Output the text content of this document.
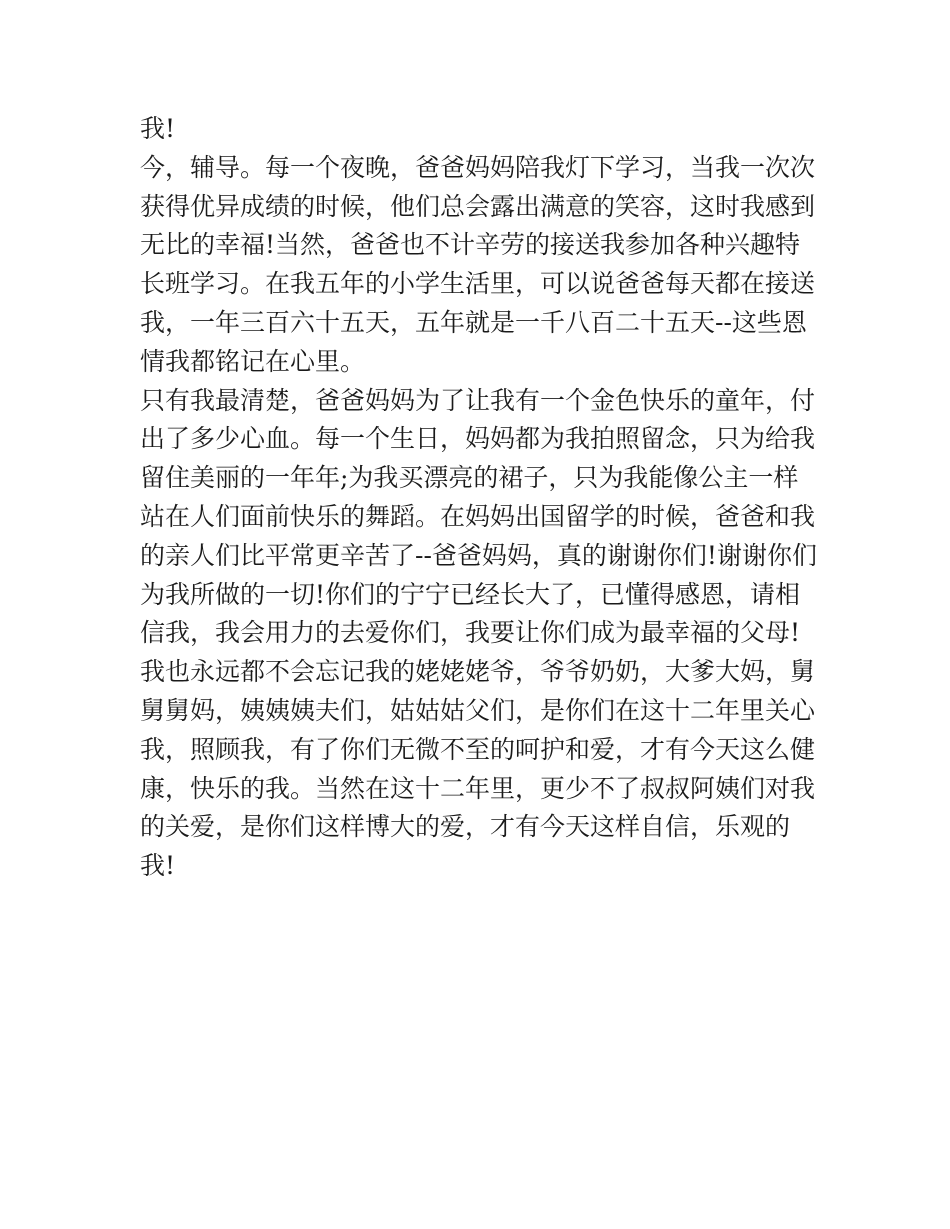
我!
今，辅导。每一个夜晚，爸爸妈妈陪我灯下学习，当我一次次
获得优异成绩的时候，他们总会露出满意的笑容，这时我感到
无比的幸福!当然，爸爸也不计辛劳的接送我参加各种兴趣特
长班学习。在我五年的小学生活里，可以说爸爸每天都在接送
我，一年三百六十五天，五年就是一千八百二十五天--这些恩
情我都铭记在心里。
只有我最清楚，爸爸妈妈为了让我有一个金色快乐的童年，付
出了多少心血。每一个生日，妈妈都为我拍照留念，只为给我
留住美丽的一年年;为我买漂亮的裙子，只为我能像公主一样
站在人们面前快乐的舞蹈。在妈妈出国留学的时候，爸爸和我
的亲人们比平常更辛苦了--爸爸妈妈，真的谢谢你们!谢谢你们
为我所做的一切!你们的宁宁已经长大了，已懂得感恩，请相
信我，我会用力的去爱你们，我要让你们成为最幸福的父母!
我也永远都不会忘记我的姥姥姥爷，爷爷奶奶，大爹大妈，舅
舅舅妈，姨姨姨夫们，姑姑姑父们，是你们在这十二年里关心
我，照顾我，有了你们无微不至的呵护和爱，才有今天这么健
康，快乐的我。当然在这十二年里，更少不了叔叔阿姨们对我
的关爱，是你们这样博大的爱，才有今天这样自信，乐观的
我!
